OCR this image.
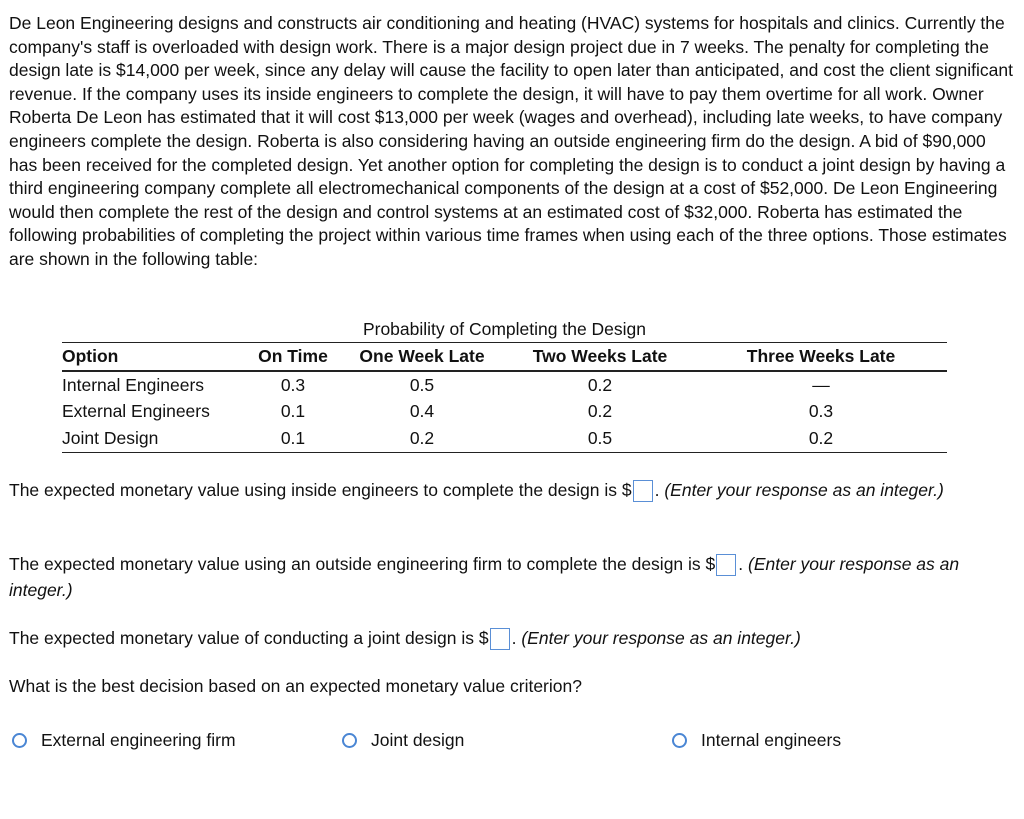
De Leon Engineering designs and constructs air conditioning and heating (HVAC) systems for hospitals and clinics. Currently the company's staff is overloaded with design work. There is a major design project due in 7 weeks. The penalty for completing the design late is $14,000 per week, since any delay will cause the facility to open later than anticipated, and cost the client significant revenue. If the company uses its inside engineers to complete the design, it will have to pay them overtime for all work. Owner Roberta De Leon has estimated that it will cost $13,000 per week (wages and overhead), including late weeks, to have company engineers complete the design. Roberta is also considering having an outside engineering firm do the design. A bid of $90,000 has been received for the completed design. Yet another option for completing the design is to conduct a joint design by having a third engineering company complete all electromechanical components of the design at a cost of $52,000. De Leon Engineering would then complete the rest of the design and control systems at an estimated cost of $32,000. Roberta has estimated the following probabilities of completing the project within various time frames when using each of the three options. Those estimates are shown in the following table:

Probability of Completing the Design
Option	On Time	One Week Late	Two Weeks Late	Three Weeks Late
Internal Engineers	0.3	0.5	0.2	—
External Engineers	0.1	0.4	0.2	0.3
Joint Design	0.1	0.2	0.5	0.2

The expected monetary value using inside engineers to complete the design is $ . (Enter your response as an integer.)

The expected monetary value using an outside engineering firm to complete the design is $ . (Enter your response as an integer.)

The expected monetary value of conducting a joint design is $ . (Enter your response as an integer.)

What is the best decision based on an expected monetary value criterion?

External engineering firm	Joint design	Internal engineers
